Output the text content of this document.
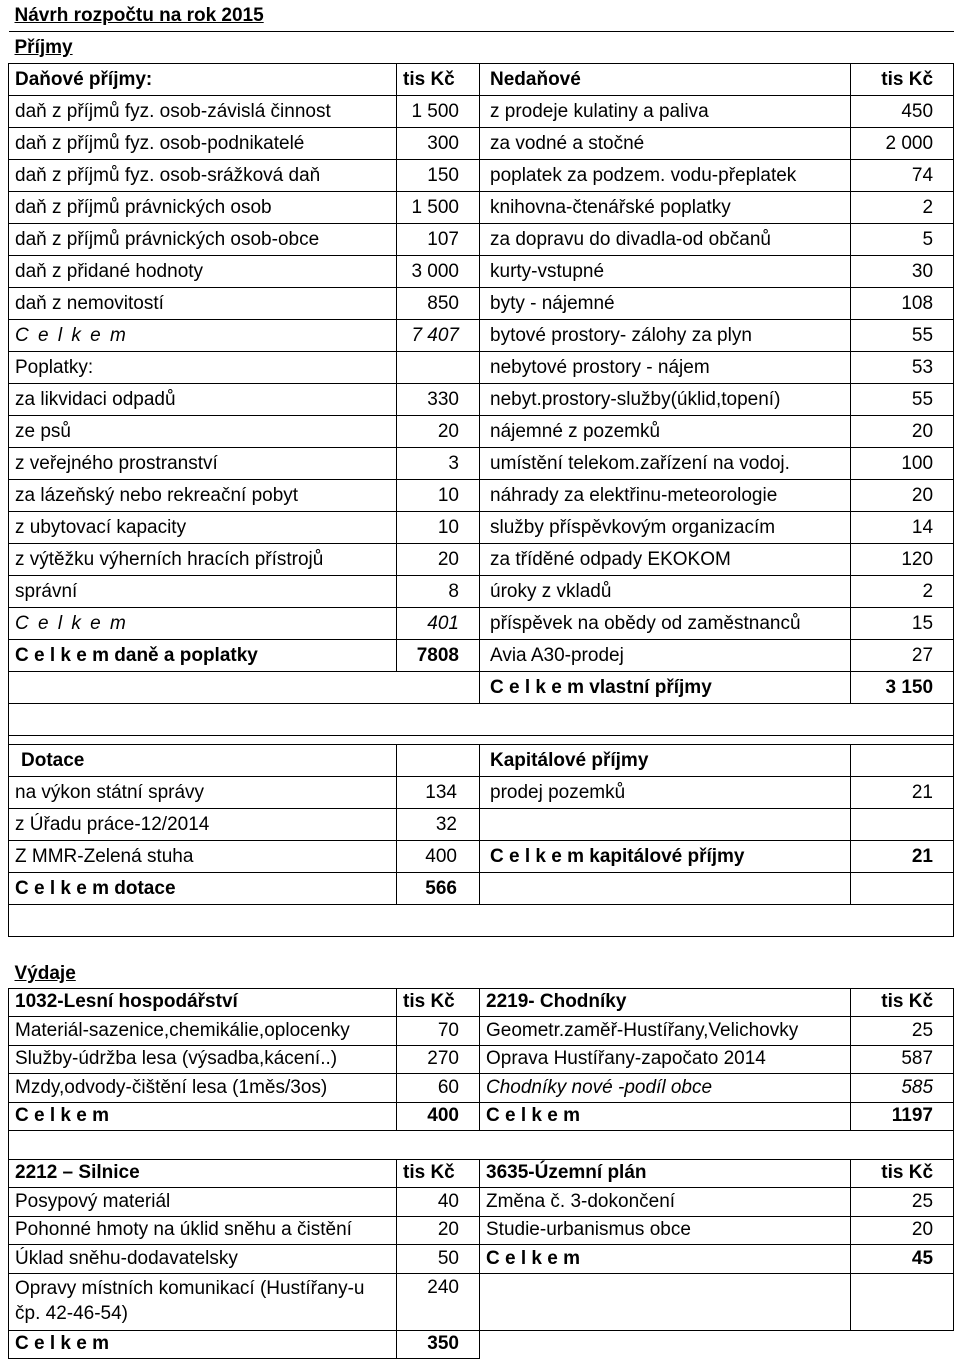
Návrh rozpočtu na rok 2015			
Příjmy			
Daňové příjmy:	tis Kč	Nedaňové	tis Kč
daň z příjmů fyz. osob-závislá činnost	1 500	z prodeje kulatiny a paliva	450
daň z příjmů fyz. osob-podnikatelé	300	za vodné a stočné	2 000
daň z příjmů fyz. osob-srážková daň	150	poplatek za podzem. vodu-přeplatek	74
daň z příjmů právnických osob	1 500	knihovna-čtenářské poplatky	2
daň z příjmů právnických osob-obce	107	za dopravu do divadla-od občanů	5
daň z přidané hodnoty	3 000	kurty-vstupné	30
daň z nemovitostí	850	byty - nájemné	108
C e l k e m	7 407	bytové prostory- zálohy za plyn	55
Poplatky:		nebytové prostory - nájem	53
za likvidaci odpadů	330	nebyt.prostory-služby(úklid,topení)	55
ze psů	20	nájemné z pozemků	20
z veřejného prostranství	3	umístění telekom.zařízení na vodoj.	100
za lázeňský nebo rekreační pobyt	10	náhrady za elektřinu-meteorologie	20
z ubytovací kapacity	10	služby příspěvkovým organizacím	14
z výtěžku výherních hracích přístrojů	20	za tříděné odpady EKOKOM	120
správní	8	úroky z vkladů	2
C e l k e m	401	příspěvek na obědy od zaměstnanců	15
C e l k e m daně a poplatky	7808	Avia A30-prodej	27
		C e l k e m vlastní příjmy	3 150

Dotace		Kapitálové příjmy	
na výkon státní správy	134	prodej pozemků	21
z Úřadu práce-12/2014	32		
Z MMR-Zelená stuha	400	C e l k e m kapitálové příjmy	21
C e l k e m dotace	566		

Výdaje			
1032-Lesní hospodářství	tis Kč	2219- Chodníky	tis Kč
Materiál-sazenice,chemikálie,oplocenky	70	Geometr.zaměř-Hustířany,Velichovky	25
Služby-údržba lesa (výsadba,kácení..)	270	Oprava Hustířany-započato 2014	587
Mzdy,odvody-čištění lesa (1měs/3os)	60	Chodníky nové -podíl obce	585
C e l k e m	400	C e l k e m	1197

2212 – Silnice	tis Kč	3635-Územní plán	tis Kč
Posypový materiál	40	Změna č. 3-dokončení	25
Pohonné hmoty na úklid sněhu a čistění	20	Studie-urbanismus obce	20
Úklad sněhu-dodavatelsky	50	C e l k e m	45
Opravy místních komunikací (Hustířany-u čp. 42-46-54)	240		
C e l k e m	350		
